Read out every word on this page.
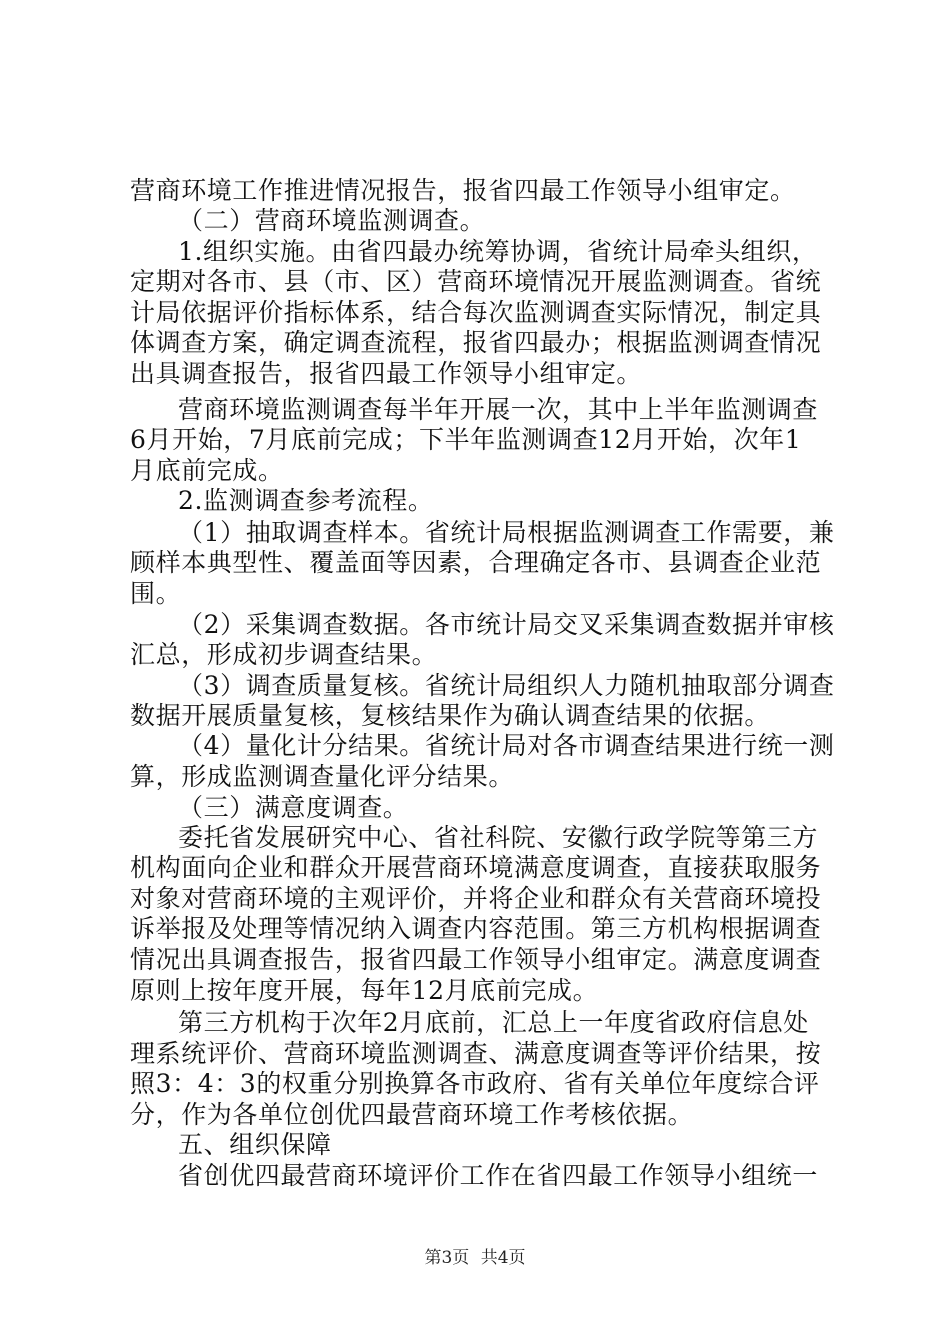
营商环境工作推进情况报告，报省四最工作领导小组审定。
（二）营商环境监测调查。
1.组织实施。由省四最办统筹协调，省统计局牵头组织，
定期对各市、县（市、区）营商环境情况开展监测调查。省统
计局依据评价指标体系，结合每次监测调查实际情况，制定具
体调查方案，确定调查流程，报省四最办；根据监测调查情况
出具调查报告，报省四最工作领导小组审定。
营商环境监测调查每半年开展一次，其中上半年监测调查
6月开始，7月底前完成；下半年监测调查12月开始，次年1
月底前完成。
2.监测调查参考流程。
（1）抽取调查样本。省统计局根据监测调查工作需要，兼
顾样本典型性、覆盖面等因素，合理确定各市、县调查企业范
围。
（2）采集调查数据。各市统计局交叉采集调查数据并审核
汇总，形成初步调查结果。
（3）调查质量复核。省统计局组织人力随机抽取部分调查
数据开展质量复核，复核结果作为确认调查结果的依据。
（4）量化计分结果。省统计局对各市调查结果进行统一测
算，形成监测调查量化评分结果。
（三）满意度调查。
委托省发展研究中心、省社科院、安徽行政学院等第三方
机构面向企业和群众开展营商环境满意度调查，直接获取服务
对象对营商环境的主观评价，并将企业和群众有关营商环境投
诉举报及处理等情况纳入调查内容范围。第三方机构根据调查
情况出具调查报告，报省四最工作领导小组审定。满意度调查
原则上按年度开展，每年12月底前完成。
第三方机构于次年2月底前，汇总上一年度省政府信息处
理系统评价、营商环境监测调查、满意度调查等评价结果，按
照3：4：3的权重分别换算各市政府、省有关单位年度综合评
分，作为各单位创优四最营商环境工作考核依据。
五、组织保障
省创优四最营商环境评价工作在省四最工作领导小组统一
第3页 共4页
